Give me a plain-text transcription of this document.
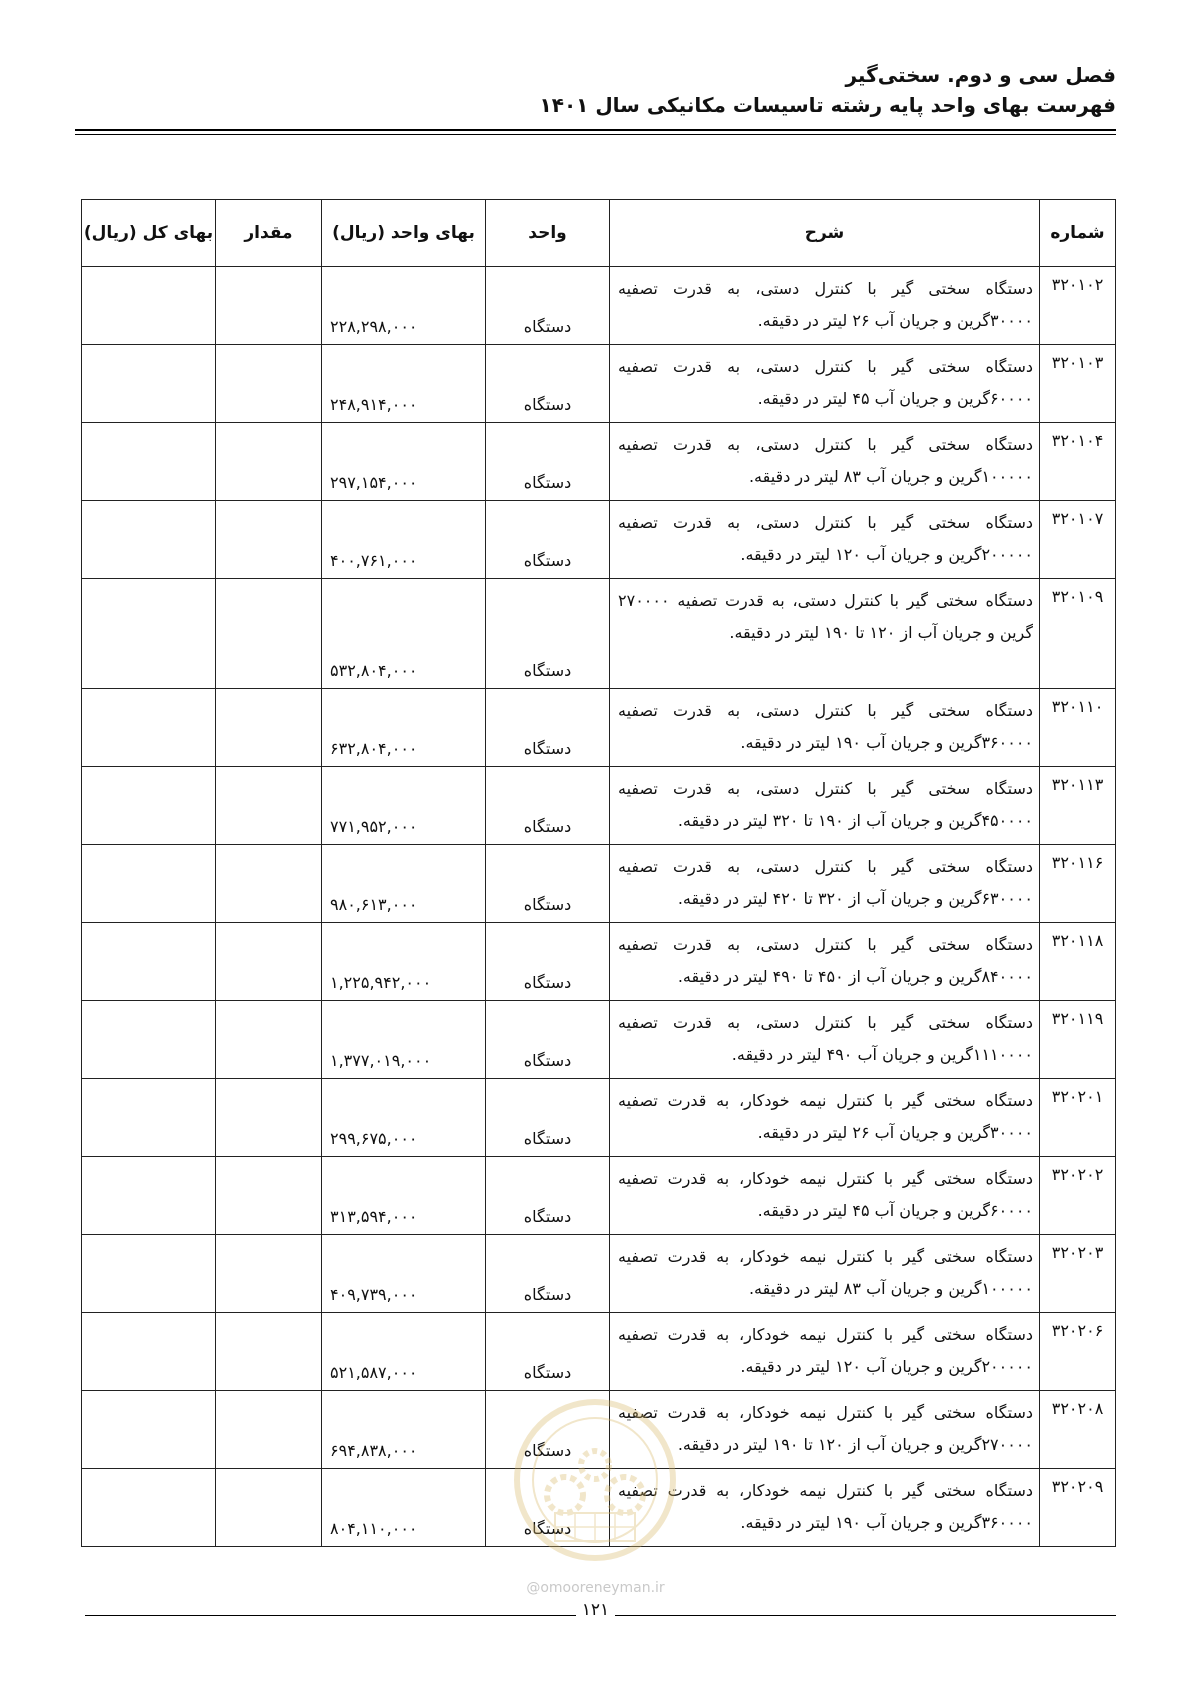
فصل سی و دوم. سختی‌گیر
فهرست بهای واحد پایه رشته تاسیسات مکانیکی سال ۱۴۰۱
شماره	شرح	واحد	بهای واحد (ریال)	مقدار	بهای کل (ریال)
۳۲۰۱۰۲	دستگاه سختی گیر با کنترل دستی، به قدرت تصفیه ۳۰۰۰۰گرین و جریان آب ۲۶ لیتر در دقیقه.	دستگاه	۲۲۸,۲۹۸,۰۰۰		
۳۲۰۱۰۳	دستگاه سختی گیر با کنترل دستی، به قدرت تصفیه ۶۰۰۰۰گرین و جریان آب ۴۵ لیتر در دقیقه.	دستگاه	۲۴۸,۹۱۴,۰۰۰		
۳۲۰۱۰۴	دستگاه سختی گیر با کنترل دستی، به قدرت تصفیه ۱۰۰۰۰۰گرین و جریان آب ۸۳ لیتر در دقیقه.	دستگاه	۲۹۷,۱۵۴,۰۰۰		
۳۲۰۱۰۷	دستگاه سختی گیر با کنترل دستی، به قدرت تصفیه ۲۰۰۰۰۰گرین و جریان آب ۱۲۰ لیتر در دقیقه.	دستگاه	۴۰۰,۷۶۱,۰۰۰		
۳۲۰۱۰۹	دستگاه سختی گیر با کنترل دستی، به قدرت تصفیه ۲۷۰۰۰۰ گرین و جریان آب از ۱۲۰ تا ۱۹۰ لیتر در دقیقه.	دستگاه	۵۳۲,۸۰۴,۰۰۰		
۳۲۰۱۱۰	دستگاه سختی گیر با کنترل دستی، به قدرت تصفیه ۳۶۰۰۰۰گرین و جریان آب ۱۹۰ لیتر در دقیقه.	دستگاه	۶۳۲,۸۰۴,۰۰۰		
۳۲۰۱۱۳	دستگاه سختی گیر با کنترل دستی، به قدرت تصفیه ۴۵۰۰۰۰گرین و جریان آب از ۱۹۰ تا ۳۲۰ لیتر در دقیقه.	دستگاه	۷۷۱,۹۵۲,۰۰۰		
۳۲۰۱۱۶	دستگاه سختی گیر با کنترل دستی، به قدرت تصفیه ۶۳۰۰۰۰گرین و جریان آب از ۳۲۰ تا ۴۲۰ لیتر در دقیقه.	دستگاه	۹۸۰,۶۱۳,۰۰۰		
۳۲۰۱۱۸	دستگاه سختی گیر با کنترل دستی، به قدرت تصفیه ۸۴۰۰۰۰گرین و جریان آب از ۴۵۰ تا ۴۹۰ لیتر در دقیقه.	دستگاه	۱,۲۲۵,۹۴۲,۰۰۰		
۳۲۰۱۱۹	دستگاه سختی گیر با کنترل دستی، به قدرت تصفیه ۱۱۱۰۰۰۰گرین و جریان آب ۴۹۰ لیتر در دقیقه.	دستگاه	۱,۳۷۷,۰۱۹,۰۰۰		
۳۲۰۲۰۱	دستگاه سختی گیر با کنترل نیمه خودکار، به قدرت تصفیه ۳۰۰۰۰گرین و جریان آب ۲۶ لیتر در دقیقه.	دستگاه	۲۹۹,۶۷۵,۰۰۰		
۳۲۰۲۰۲	دستگاه سختی گیر با کنترل نیمه خودکار، به قدرت تصفیه ۶۰۰۰۰گرین و جریان آب ۴۵ لیتر در دقیقه.	دستگاه	۳۱۳,۵۹۴,۰۰۰		
۳۲۰۲۰۳	دستگاه سختی گیر با کنترل نیمه خودکار، به قدرت تصفیه ۱۰۰۰۰۰گرین و جریان آب ۸۳ لیتر در دقیقه.	دستگاه	۴۰۹,۷۳۹,۰۰۰		
۳۲۰۲۰۶	دستگاه سختی گیر با کنترل نیمه خودکار، به قدرت تصفیه ۲۰۰۰۰۰گرین و جریان آب ۱۲۰ لیتر در دقیقه.	دستگاه	۵۲۱,۵۸۷,۰۰۰		
۳۲۰۲۰۸	دستگاه سختی گیر با کنترل نیمه خودکار، به قدرت تصفیه ۲۷۰۰۰۰گرین و جریان آب از ۱۲۰ تا ۱۹۰ لیتر در دقیقه.	دستگاه	۶۹۴,۸۳۸,۰۰۰		
۳۲۰۲۰۹	دستگاه سختی گیر با کنترل نیمه خودکار، به قدرت تصفیه ۳۶۰۰۰۰گرین و جریان آب ۱۹۰ لیتر در دقیقه.	دستگاه	۸۰۴,۱۱۰,۰۰۰		
@omooreneyman.ir
۱۲۱
